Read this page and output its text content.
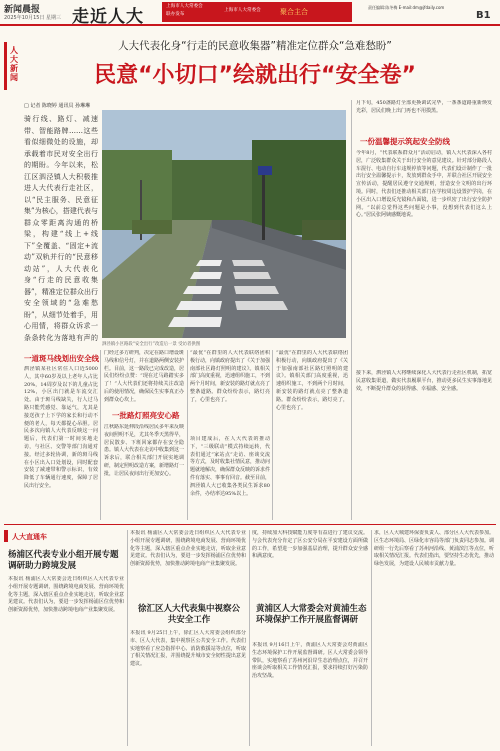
新闻晨报
2025年10月15日 星期三 走近人大
上海市人大常委会
联办发布
上海市人大常委会	聚合主合
责任编辑:陈冬梅 E-mail:dm@jfdaily.com
B1
人大新闻
人大代表化身“行走的民意收集器”精准定位群众“急难愁盼”
民意“小切口”绘就出行“安全卷”
□ 记者 陈晓婷 通讯员 孙琳琳
骑行线、路灯、减速带、智能路牌……这些看似细微处的设施，却承载着市民对安全出行的期盼。今年以来，松江区泗泾镇人大积极推进人大代表行走社区，以“民主服务、民意征集”为核心，搭建代表与群众零距离沟通的桥梁，构建“线上+线下”全覆盖、“固定+流动”双轨并行的“民意移动站”，人大代表化身“行走的民意收集器”，精准定位群众出行安全领域的“急难愁盼”，从细节处着手，用心用情，将群众诉求一条条转化为落地有声的
泗泾镇小区路段“安全出行”改造后一景 受访者供图
月下旬，450盏路灯全部更换调试完毕，一条条道路重新焕发光彩，居民们晚上出门再也不用摸黑。
一份温馨提示筑起安全防线
今年8月，“代表联系群众月”活动启动，镇人大代表深入各村居，广泛收集群众关于出行安全的意见建议。针对部分路段人车混行、电动自行车违规停放等问题，代表们设计制作了一批出行安全温馨提示卡，发放到群众手中，并联合社区开展安全宣传活动，提醒居民遵守交通规则，营造安全文明的出行环境。同时，代表们还推动相关部门在学校周边设置护学岗，在小区出入口增设反光镜和凸面镜，进一步织密了出行安全防护网。“以前总觉得这些问题是小事，没想到代表们这么上心。”居民张阿姨感慨地说。
接下来，泗泾镇人大将继续深化人大代表行走社区机制，拓宽民意收集渠道，做实代表履职平台，推动更多民生实事落地见效，不断提升群众的获得感、幸福感、安全感。
一道斑马线划出安全线
泗泾镇某社区常住人口近5000人，其中60岁及以上老年人占比20%，14周岁及以下的儿童占比12%，小区出门就是车流交汇处。由于斑马线缺失，行人过马路只能凭感觉、靠运气，尤其是接送孩子上下学的家长和行动不便的老人，每天都提心吊胆。居民多次向镇人大代表反映这一问题后，代表们第一时间实地走访，与社区、交警等部门沟通对接。经过多轮协调，新的斑马线在小区出入口处划设，同时配套安装了减速带和警示标识，有效降低了车辆通行速度，保障了居民出行安全。
门经过多方研判，决定在路口增设斑马线和信号灯，并在道路两侧安装护栏。目前，这一路段已完成改造，居民们纷纷点赞：“现在过马路踏实多了！”人大代表们还将持续关注改造后的使用情况，确保民生实事真正办到群众心坎上。
一批路灯照亮安心路
江秋路东延伸段沿线居民多年来反映夜间照明不足，尤其冬季天黑得早，居民散步、下班回家都存在安全隐患。镇人大代表在走访中收集到这一诉求后，联合相关部门开展实地调研，制定照明改造方案，新增路灯一批，让居民夜间出行更加安心。
“最优”在群里的人大代表联络团积极行动，向镇政府提出了《关于加强南部社区路灯照明的建议》。镇相关部门高度重视，迅速组织施工，不到两个月时间，新安装的路灯就点亮了整条道路。群众纷纷表示，路灯亮了，心里也亮了。
项目建成后，在人大代表的推动下，“三级联动”模式持续运转，代表们通过“家站点”走访、座谈交流等方式，及时收集社情民意，推动问题就地解决，确保群众反映的诉求件件有落实、事事有回音。截至目前，泗泾镇人大已收集各类民生诉求80余件，办结率达95%以上。
“最优”在群里的人大代表联络团积极行动，向镇政府提出了《关于加强南部社区路灯照明的建议》。镇相关部门高度重视，迅速组织施工，不到两个月时间，新安装的路灯就点亮了整条道路。群众纷纷表示，路灯亮了，心里也亮了。
人大直通车
杨浦区代表专业小组开展专题调研助力跨境发展
本报讯 杨浦区人大常委会近日组织区人大代表专业小组开展专题调研，围绕跨境电商发展、营商环境优化等主题，深入辖区重点企业实地走访，听取企业意见建议。代表们认为，要进一步发挥杨浦区位优势和创新资源优势，加快推动跨境电商产业集聚发展。
本报讯 杨浦区人大常委会近日组织区人大代表专业小组开展专题调研，围绕跨境电商发展、营商环境优化等主题，深入辖区重点企业实地走访，听取企业意见建议。代表们认为，要进一步发挥杨浦区位优势和创新资源优势，加快推动跨境电商产业集聚发展。
徐汇区人大代表集中视察公共安全工作
本报讯 9月25日上午，徐汇区人大常委会组织部分市、区人大代表，集中视察区公共安全工作。代表们实地察看了应急指挥中心、消防救援站等点位，听取了相关情况汇报，并围绕提升城市安全韧性提出意见建议。
度，持续加大科技赋能力度等有益进行了建议交流。与会代表充分肯定了区公安分局在平安建设方面所做的工作，希望进一步加强基层治理，提升群众安全感和满意度。
黄浦区人大常委会对黄浦生态环境保护工作开展监督调研
本报讯 9月16日上午，黄浦区人大常委会对黄浦区生态环境保护工作开展监督调研。区人大常委会领导带队，实地察看了苏州河沿岸生态治理点位，并召开座谈会听取相关工作情况汇报，要求持续打好污染防治攻坚战。
求，区人大城建环保委负责人、部分区人大代表参加。区生态环境局、区绿化市容局等部门负责同志参加。调研组一行先后察看了苏州河沿线、黄浦滨江等点位，听取相关情况汇报。代表们指出，要坚持生态优先，推动绿色发展，为建设人民城市贡献力量。
